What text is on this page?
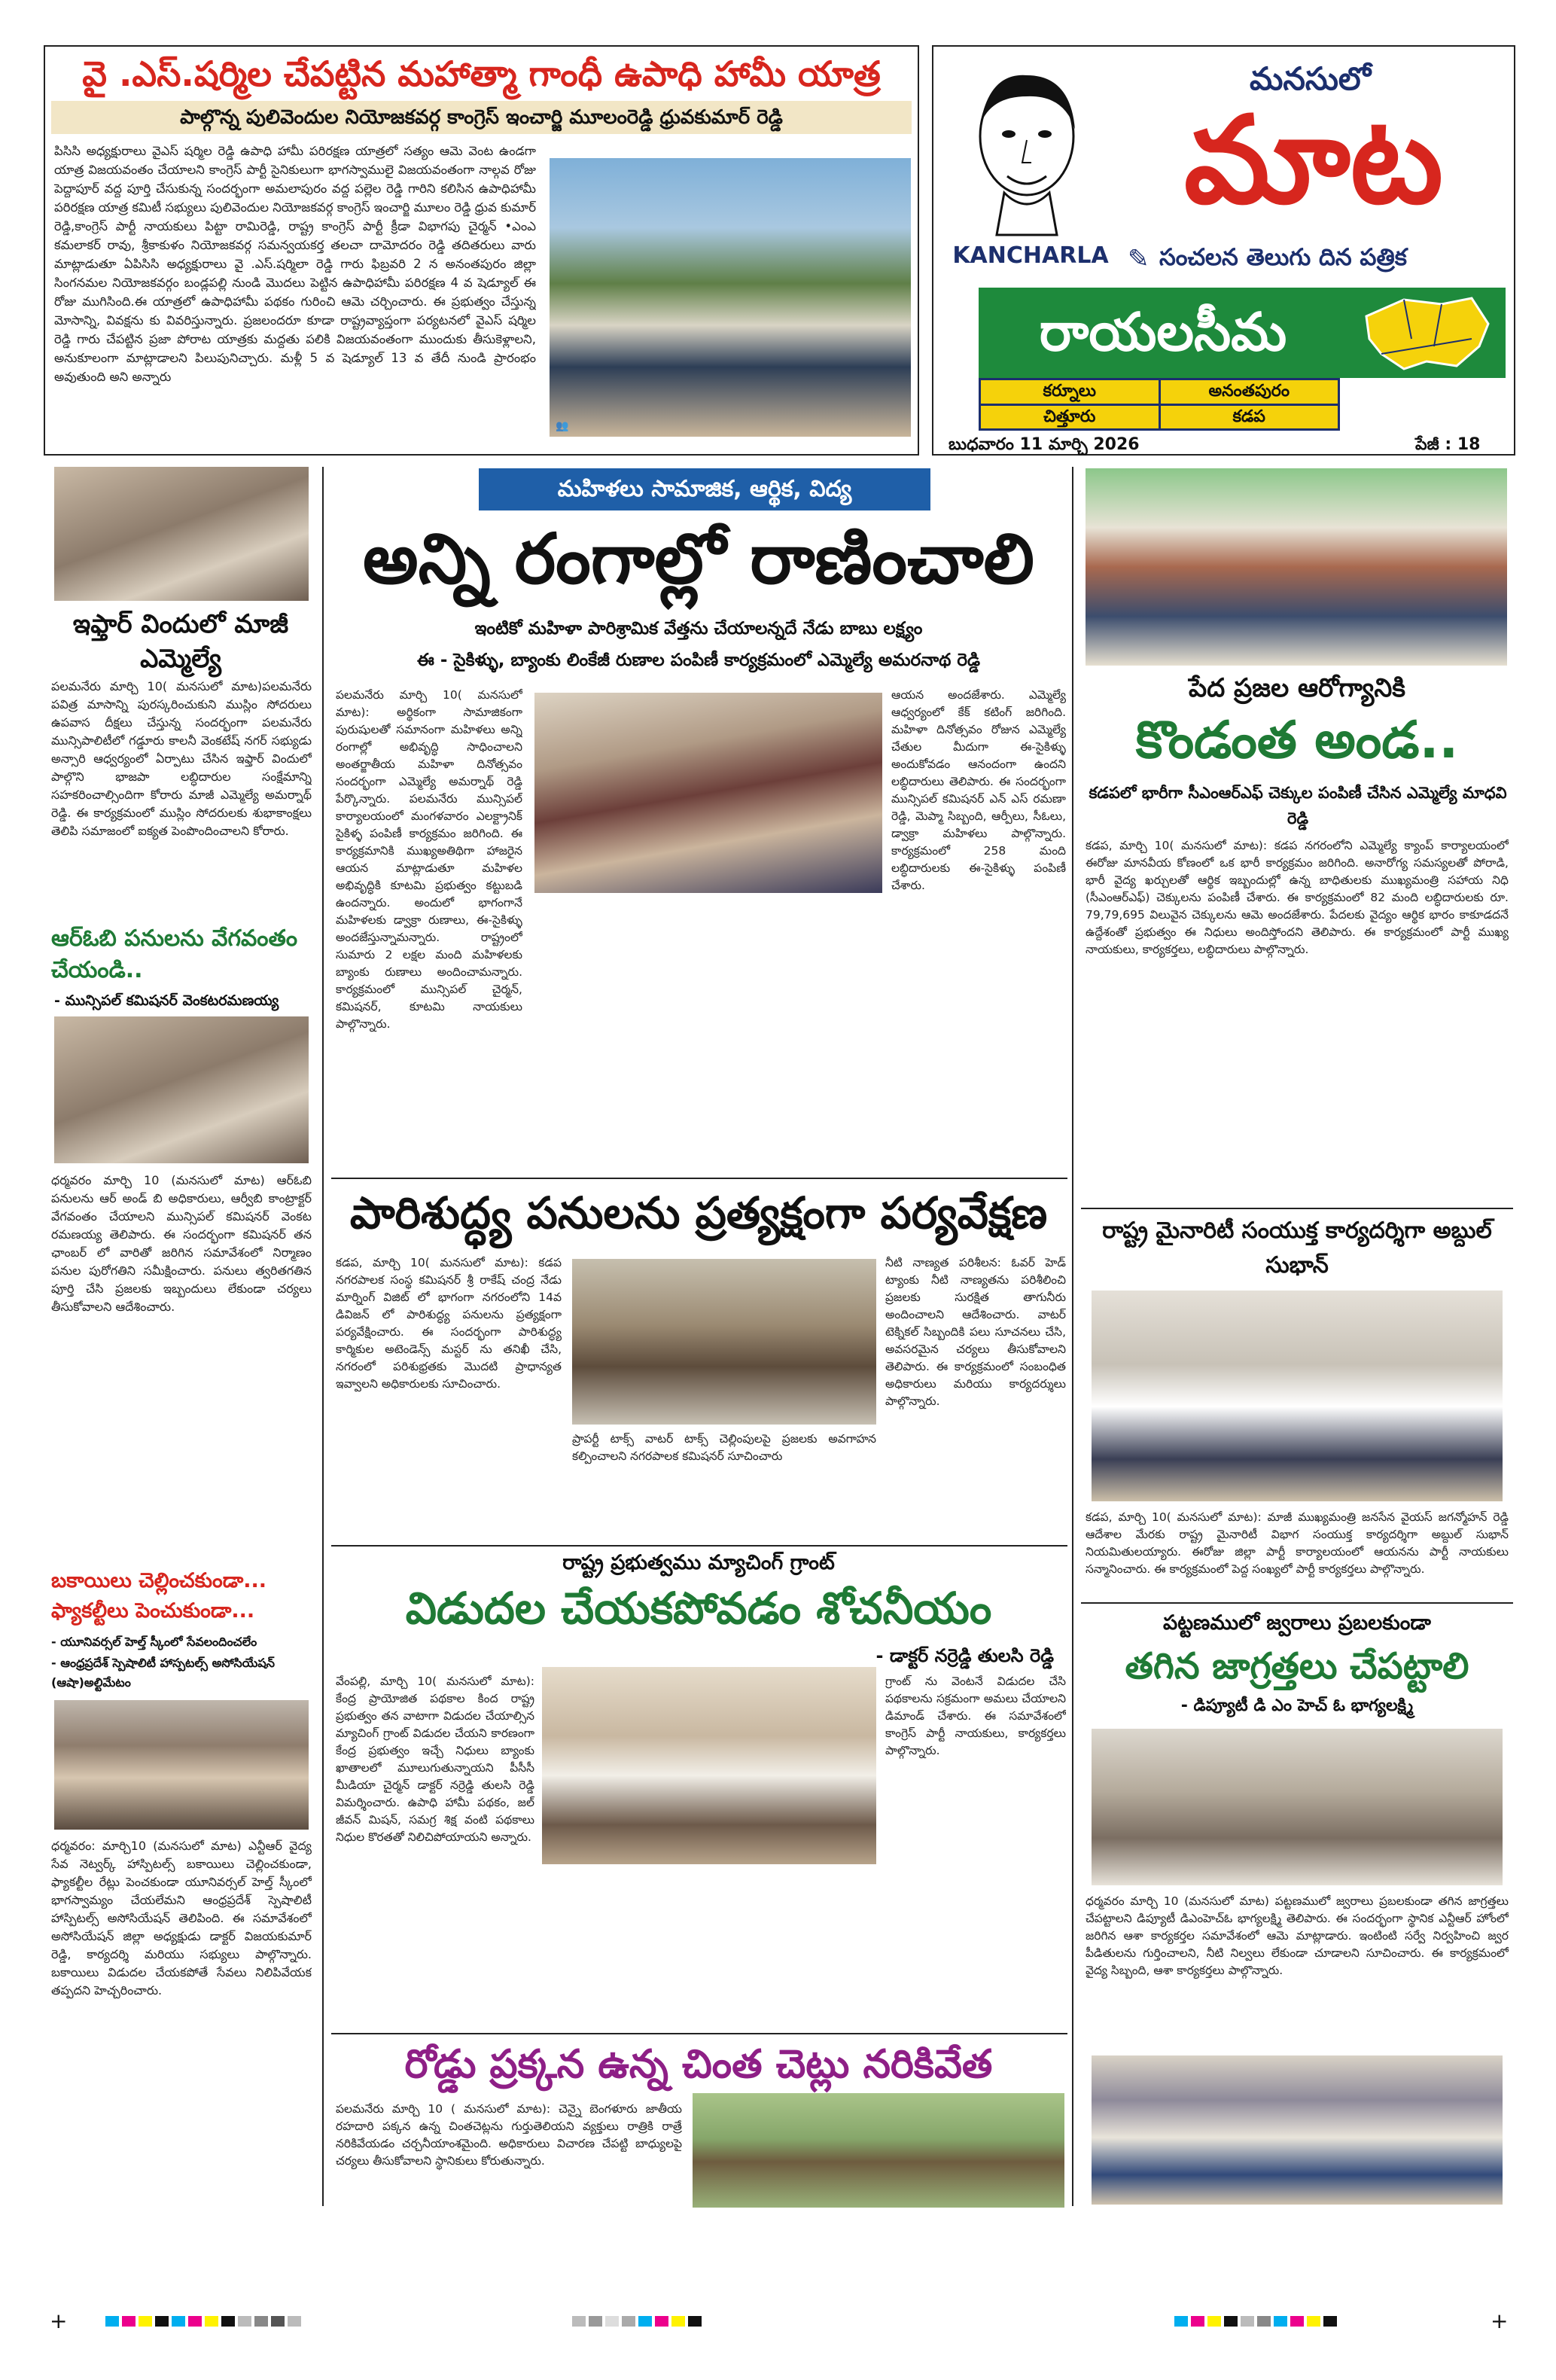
వై .ఎస్.షర్మిల చేపట్టిన మహాత్మా గాంధీ ఉపాధి హామీ యాత్ర
పాల్గొన్న పులివెందుల నియోజకవర్గ కాంగ్రెస్ ఇంచార్జి మూలంరెడ్డి ధ్రువకుమార్ రెడ్డి
పిసిసి అధ్యక్షురాలు వైఎస్ షర్మిల రెడ్డి ఉపాధి హామీ పరిరక్షణ యాత్రలో సత్యం ఆమె వెంట ఉండగా యాత్ర విజయవంతం చేయాలని కాంగ్రెస్ పార్టీ సైనికులుగా భాగస్వాములై విజయవంతంగా నాల్గవ రోజు పెద్దాపూర్ వద్ద పూర్తి చేసుకున్న సందర్భంగా అమలాపురం వద్ద పల్లెల రెడ్డి గారిని కలిసిన ఉపాధిహామీ పరిరక్షణ యాత్ర కమిటీ సభ్యులు పులివెందుల నియోజకవర్గ కాంగ్రెస్ ఇంచార్జి మూలం రెడ్డి ధ్రువ కుమార్ రెడ్డి,కాంగ్రెస్ పార్టీ నాయకులు పిట్టా రామిరెడ్డి, రాష్ట్ర కాంగ్రెస్ పార్టీ క్రీడా విభాగపు చైర్మన్ •ఎంఎ కమలాకర్ రావు, శ్రీకాకుళం నియోజకవర్గ సమన్వయకర్త తలచా దామోదరం రెడ్డి తదితరులు వారు మాట్లాడుతూ ఏపిసిసి అధ్యక్షురాలు వై .ఎస్.షర్మిలా రెడ్డి గారు ఫిబ్రవరి 2 న అనంతపురం జిల్లా సింగనమల నియోజకవర్గం బండ్లపల్లి నుండి మొదలు పెట్టిన ఉపాధిహామీ పరిరక్షణ 4 వ షెడ్యూల్ ఈ రోజు ముగిసింది.ఈ యాత్రలో ఉపాధిహామీ పథకం గురించి ఆమె చర్చించారు. ఈ ప్రభుత్వం చేస్తున్న మోసాన్ని, వివక్షను కు వివరిస్తున్నారు. ప్రజలందరూ కూడా రాష్ట్రవ్యాప్తంగా పర్యటనలో వైఎస్ షర్మిల రెడ్డి గారు చేపట్టిన ప్రజా పోరాట యాత్రకు మద్దతు పలికి విజయవంతంగా ముందుకు తీసుకెళ్లాలని, అనుకూలంగా మాట్లాడాలని పిలుపునిచ్చారు. మళ్లీ 5 వ షెడ్యూల్ 13 వ తేదీ నుండి ప్రారంభం అవుతుంది అని అన్నారు
👥
KANCHARLA
మనసులో
మాట
✎ సంచలన తెలుగు దిన పత్రిక
రాయలసీమ
కర్నూలు	అనంతపురం
చిత్తూరు	కడప
బుధవారం 11 మార్చి 2026	పేజీ : 18
ఇఫ్తార్ విందులో మాజీ ఎమ్మెల్యే
పలమనేరు మార్చి 10( మనసులో మాట)పలమనేరు పవిత్ర మాసాన్ని పురస్కరించుకుని ముస్లిం సోదరులు ఉపవాస దీక్షలు చేస్తున్న సందర్భంగా పలమనేరు మున్సిపాలిటీలో గడ్డూరు కాలనీ వెంకటేష్ నగర్ సభ్యుడు అన్సారి ఆధ్వర్యంలో ఏర్పాటు చేసిన ఇఫ్తార్ విందులో పాల్గొని భాజపా లబ్ధిదారుల సంక్షేమాన్ని సహకరించాల్సిందిగా కోరారు మాజీ ఎమ్మెల్యే అమర్నాథ్ రెడ్డి. ఈ కార్యక్రమంలో ముస్లిం సోదరులకు శుభాకాంక్షలు తెలిపి సమాజంలో ఐక్యత పెంపొందించాలని కోరారు.
ఆర్ఓబి పనులను వేగవంతం చేయండి..
- మున్సిపల్ కమిషనర్ వెంకటరమణయ్య
ధర్మవరం మార్చి 10 (మనసులో మాట) ఆర్ఓబి పనులను ఆర్ అండ్ బి అధికారులు, ఆర్వీబి కాంట్రాక్టర్ వేగవంతం చేయాలని మున్సిపల్ కమిషనర్ వెంకట రమణయ్య తెలిపారు. ఈ సందర్భంగా కమిషనర్ తన ఛాంబర్ లో వారితో జరిగిన సమావేశంలో నిర్మాణం పనుల పురోగతిని సమీక్షించారు. పనులు త్వరితగతిన పూర్తి చేసి ప్రజలకు ఇబ్బందులు లేకుండా చర్యలు తీసుకోవాలని ఆదేశించారు.
బకాయిలు చెల్లించకుండా... ఫ్యాకల్టీలు పెంచుకుండా...
- యూనివర్సల్ హెల్త్ స్కీంలో సేవలందించలేం
- ఆంధ్రప్రదేశ్ స్పెషాలిటీ హాస్పటల్స్ అసోసియేషన్ (ఆషా)అల్టిమేటం
ధర్మవరం: మార్చి10 (మనసులో మాట) ఎన్టీఆర్ వైద్య సేవ నెట్వర్క్ హాస్పిటల్స్ బకాయిలు చెల్లించకుండా, ఫ్యాకల్టీల రేట్లు పెంచకుండా యూనివర్సల్ హెల్త్ స్కీంలో భాగస్వామ్యం చేయలేమని ఆంధ్రప్రదేశ్ స్పెషాలిటీ హాస్పిటల్స్ అసోసియేషన్ తెలిపింది. ఈ సమావేశంలో అసోసియేషన్ జిల్లా అధ్యక్షుడు డాక్టర్ విజయకుమార్ రెడ్డి, కార్యదర్శి మరియు సభ్యులు పాల్గొన్నారు. బకాయిలు విడుదల చేయకపోతే సేవలు నిలిపివేయక తప్పదని హెచ్చరించారు.
మహిళలు సామాజిక, ఆర్థిక, విద్య
అన్ని రంగాల్లో రాణించాలి
ఇంటికో మహిళా పారిశ్రామిక వేత్తను చేయాలన్నదే నేడు బాబు లక్ష్యం
ఈ - సైకిళ్ళు, బ్యాంకు లింకేజీ రుణాల పంపిణీ కార్యక్రమంలో ఎమ్మెల్యే అమరనాథ రెడ్డి
పలమనేరు మార్చి 10( మనసులో మాట): అర్థికంగా సామాజికంగా పురుషులతో సమానంగా మహిళలు అన్ని రంగాల్లో అభివృద్ధి సాధించాలని అంతర్జాతీయ మహిళా దినోత్సవం సందర్భంగా ఎమ్మెల్యే అమర్నాథ్ రెడ్డి పేర్కొన్నారు. పలమనేరు మున్సిపల్ కార్యాలయంలో మంగళవారం ఎలక్ట్రానిక్ సైకిళ్ళ పంపిణీ కార్యక్రమం జరిగింది. ఈ కార్యక్రమానికి ముఖ్యఅతిథిగా హాజరైన ఆయన మాట్లాడుతూ మహిళల అభివృద్ధికి కూటమి ప్రభుత్వం కట్టుబడి ఉందన్నారు. అందులో భాగంగానే మహిళలకు డ్వాక్రా రుణాలు, ఈ-సైకిళ్ళు అందజేస్తున్నామన్నారు. రాష్ట్రంలో సుమారు 2 లక్షల మంది మహిళలకు బ్యాంకు రుణాలు అందించామన్నారు. కార్యక్రమంలో మున్సిపల్ చైర్మన్, కమిషనర్, కూటమి నాయకులు పాల్గొన్నారు.
ఆయన అందజేశారు. ఎమ్మెల్యే ఆధ్వర్యంలో కేక్ కటింగ్ జరిగింది. మహిళా దినోత్సవం రోజున ఎమ్మెల్యే చేతుల మీదుగా ఈ-సైకిళ్ళు అందుకోవడం ఆనందంగా ఉందని లబ్ధిదారులు తెలిపారు. ఈ సందర్భంగా మున్సిపల్ కమిషనర్ ఎన్ ఎస్ రమణా రెడ్డి, మెప్మా సిబ్బంది, ఆర్పీలు, సీఓలు, డ్వాక్రా మహిళలు పాల్గొన్నారు. కార్యక్రమంలో 258 మంది లబ్ధిదారులకు ఈ-సైకిళ్ళు పంపిణీ చేశారు.
పారిశుద్ధ్య పనులను ప్రత్యక్షంగా పర్యవేక్షణ
కడప, మార్చి 10( మనసులో మాట): కడప నగరపాలక సంస్థ కమిషనర్ శ్రీ రాకేష్ చంద్ర నేడు మార్నింగ్ విజిట్ లో భాగంగా నగరంలోని 14వ డివిజన్ లో పారిశుద్ధ్య పనులను ప్రత్యక్షంగా పర్యవేక్షించారు. ఈ సందర్భంగా పారిశుద్ధ్య కార్మికుల అటెండెన్స్ మస్టర్ ను తనిఖీ చేసి, నగరంలో పరిశుభ్రతకు మొదటి ప్రాధాన్యత ఇవ్వాలని అధికారులకు సూచించారు.
ప్రాపర్టీ టాక్స్ వాటర్ టాక్స్ చెల్లింపులపై ప్రజలకు అవగాహన కల్పించాలని నగరపాలక కమిషనర్ సూచించారు
నీటి నాణ్యత పరిశీలన: ఓవర్ హెడ్ ట్యాంకు నీటి నాణ్యతను పరిశీలించి ప్రజలకు సురక్షిత తాగునీరు అందించాలని ఆదేశించారు. వాటర్ టెక్నికల్ సిబ్బందికి పలు సూచనలు చేసి, అవసరమైన చర్యలు తీసుకోవాలని తెలిపారు. ఈ కార్యక్రమంలో సంబంధిత అధికారులు మరియు కార్యదర్శులు పాల్గొన్నారు.
రాష్ట్ర ప్రభుత్వము మ్యాచింగ్ గ్రాంట్
విడుదల చేయకపోవడం శోచనీయం
- డాక్టర్ నర్రెడ్డి తులసి రెడ్డి
వేంపల్లి, మార్చి 10( మనసులో మాట): కేంద్ర ప్రాయోజిత పథకాల కింద రాష్ట్ర ప్రభుత్వం తన వాటాగా విడుదల చేయాల్సిన మ్యాచింగ్ గ్రాంట్ విడుదల చేయని కారణంగా కేంద్ర ప్రభుత్వం ఇచ్చే నిధులు బ్యాంకు ఖాతాలలో మూలుగుతున్నాయని పీసీసీ మీడియా చైర్మన్ డాక్టర్ నర్రెడ్డి తులసి రెడ్డి విమర్శించారు. ఉపాధి హామీ పథకం, జల్ జీవన్ మిషన్, సమగ్ర శిక్ష వంటి పథకాలు నిధుల కొరతతో నిలిచిపోయాయని అన్నారు.
గ్రాంట్ ను వెంటనే విడుదల చేసి పథకాలను సక్రమంగా అమలు చేయాలని డిమాండ్ చేశారు. ఈ సమావేశంలో కాంగ్రెస్ పార్టీ నాయకులు, కార్యకర్తలు పాల్గొన్నారు.
రోడ్డు ప్రక్కన ఉన్న చింత చెట్లు నరికివేత
పలమనేరు మార్చి 10 ( మనసులో మాట): చెన్నై బెంగళూరు జాతీయ రహదారి పక్కన ఉన్న చింతచెట్లను గుర్తుతెలియని వ్యక్తులు రాత్రికి రాత్రే నరికివేయడం చర్చనీయాంశమైంది. అధికారులు విచారణ చేపట్టి బాధ్యులపై చర్యలు తీసుకోవాలని స్థానికులు కోరుతున్నారు.
పేద ప్రజల ఆరోగ్యానికి
కొండంత అండ..
కడపలో భారీగా సీఎంఆర్ఎఫ్ చెక్కుల పంపిణీ చేసిన ఎమ్మెల్యే మాధవి రెడ్డి
కడప, మార్చి 10( మనసులో మాట): కడప నగరంలోని ఎమ్మెల్యే క్యాంప్ కార్యాలయంలో ఈరోజు మానవీయ కోణంలో ఒక భారీ కార్యక్రమం జరిగింది. అనారోగ్య సమస్యలతో పోరాడి, భారీ వైద్య ఖర్చులతో ఆర్థిక ఇబ్బందుల్లో ఉన్న బాధితులకు ముఖ్యమంత్రి సహాయ నిధి (సీఎంఆర్ఎఫ్) చెక్కులను పంపిణీ చేశారు. ఈ కార్యక్రమంలో 82 మంది లబ్ధిదారులకు రూ. 79,79,695 విలువైన చెక్కులను ఆమె అందజేశారు. పేదలకు వైద్యం ఆర్థిక భారం కాకూడదనే ఉద్దేశంతో ప్రభుత్వం ఈ నిధులు అందిస్తోందని తెలిపారు. ఈ కార్యక్రమంలో పార్టీ ముఖ్య నాయకులు, కార్యకర్తలు, లబ్ధిదారులు పాల్గొన్నారు.
రాష్ట్ర మైనారిటీ సంయుక్త కార్యదర్శిగా అబ్దుల్ సుభాన్
కడప, మార్చి 10( మనసులో మాట): మాజీ ముఖ్యమంత్రి జనసేన వైయస్ జగన్మోహన్ రెడ్డి ఆదేశాల మేరకు రాష్ట్ర మైనారిటీ విభాగ సంయుక్త కార్యదర్శిగా అబ్దుల్ సుభాన్ నియమితులయ్యారు. ఈరోజు జిల్లా పార్టీ కార్యాలయంలో ఆయనను పార్టీ నాయకులు సన్మానించారు. ఈ కార్యక్రమంలో పెద్ద సంఖ్యలో పార్టీ కార్యకర్తలు పాల్గొన్నారు.
పట్టణములో జ్వరాలు ప్రబలకుండా
తగిన జాగ్రత్తలు చేపట్టాలి
- డిప్యూటీ డి ఎం హెచ్ ఓ భాగ్యలక్ష్మి
ధర్మవరం మార్చి 10 (మనసులో మాట) పట్టణములో జ్వరాలు ప్రబలకుండా తగిన జాగ్రత్తలు చేపట్టాలని డిప్యూటీ డిఎంహెచ్ఓ భాగ్యలక్ష్మి తెలిపారు. ఈ సందర్భంగా స్థానిక ఎన్టీఆర్ హోంలో జరిగిన ఆశా కార్యకర్తల సమావేశంలో ఆమె మాట్లాడారు. ఇంటింటి సర్వే నిర్వహించి జ్వర పీడితులను గుర్తించాలని, నీటి నిల్వలు లేకుండా చూడాలని సూచించారు. ఈ కార్యక్రమంలో వైద్య సిబ్బంది, ఆశా కార్యకర్తలు పాల్గొన్నారు.
+	+
